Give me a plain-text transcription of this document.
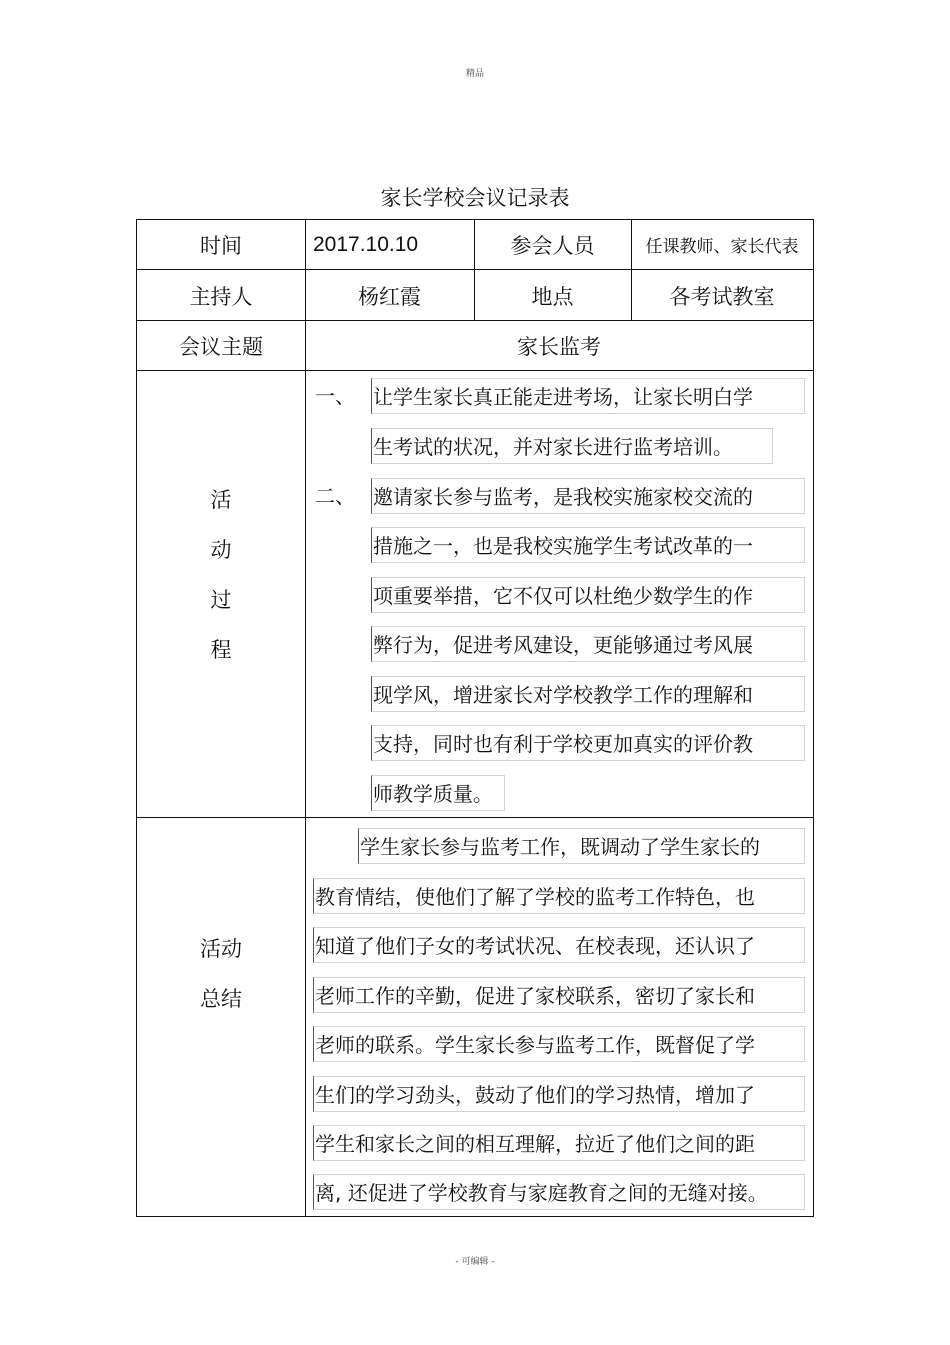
精品
家长学校会议记录表
时间	2017.10.10	参会人员	任课教师、家长代表
主持人	杨红霞	地点	各考试教室
会议主题	家长监考
活
动
过
程
一、 让学生家长真正能走进考场，让家长明白学
生考试的状况，并对家长进行监考培训。
二、 邀请家长参与监考，是我校实施家校交流的
措施之一，也是我校实施学生考试改革的一
项重要举措，它不仅可以杜绝少数学生的作
弊行为，促进考风建设，更能够通过考风展
现学风，增进家长对学校教学工作的理解和
支持，同时也有利于学校更加真实的评价教
师教学质量。
活动
总结
学生家长参与监考工作，既调动了学生家长的
教育情结，使他们了解了学校的监考工作特色，也
知道了他们子女的考试状况、在校表现，还认识了
老师工作的辛勤，促进了家校联系，密切了家长和
老师的联系。学生家长参与监考工作，既督促了学
生们的学习劲头，鼓动了他们的学习热情，增加了
学生和家长之间的相互理解，拉近了他们之间的距
离, 还促进了学校教育与家庭教育之间的无缝对接。
- 可编辑 -
